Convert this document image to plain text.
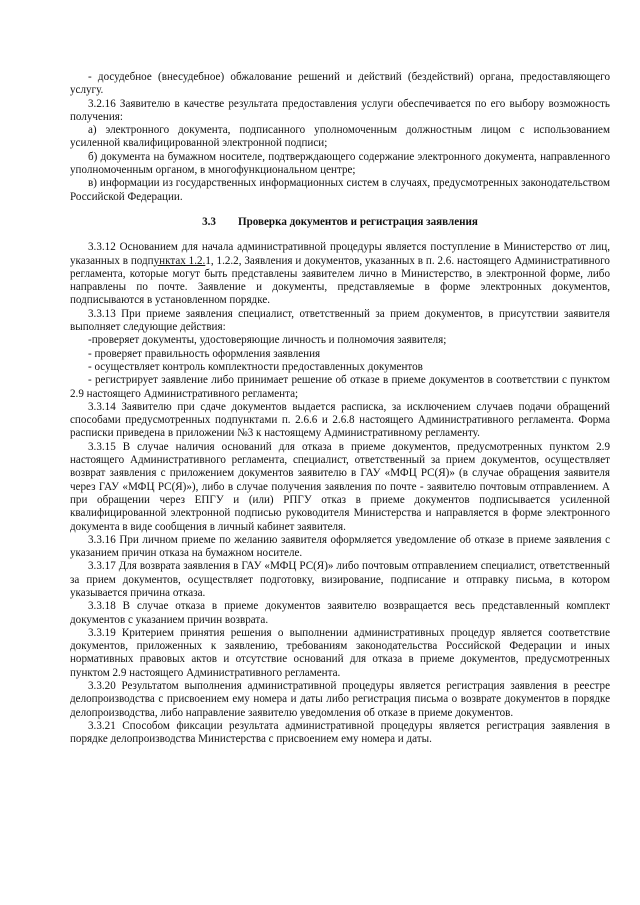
- досудебное (внесудебное) обжалование решений и действий (бездействий) органа, предоставляющего услугу.

3.2.16 Заявителю в качестве результата предоставления услуги обеспечивается по его выбору возможность получения:

а) электронного документа, подписанного уполномоченным должностным лицом с использованием усиленной квалифицированной электронной подписи;

б) документа на бумажном носителе, подтверждающего содержание электронного документа, направленного уполномоченным органом, в многофункциональном центре;

в) информации из государственных информационных систем в случаях, предусмотренных законодательством Российской Федерации.

3.3 Проверка документов и регистрация заявления

3.3.12 Основанием для начала административной процедуры является поступление в Министерство от лиц, указанных в подпунктах 1.2.1, 1.2.2, Заявления и документов, указанных в п. 2.6. настоящего Административного регламента, которые могут быть представлены заявителем лично в Министерство, в электронной форме, либо направлены по почте. Заявление и документы, представляемые в форме электронных документов, подписываются в установленном порядке.

3.3.13 При приеме заявления специалист, ответственный за прием документов, в присутствии заявителя выполняет следующие действия:

-проверяет документы, удостоверяющие личность и полномочия заявителя;

- проверяет правильность оформления заявления

- осуществляет контроль комплектности предоставленных документов

- регистрирует заявление либо принимает решение об отказе в приеме документов в соответствии с пунктом 2.9 настоящего Административного регламента;

3.3.14 Заявителю при сдаче документов выдается расписка, за исключением случаев подачи обращений способами предусмотренных подпунктами п. 2.6.6 и 2.6.8 настоящего Административного регламента. Форма расписки приведена в приложении №3 к настоящему Административному регламенту.

3.3.15 В случае наличия оснований для отказа в приеме документов, предусмотренных пунктом 2.9 настоящего Административного регламента, специалист, ответственный за прием документов, осуществляет возврат заявления с приложением документов заявителю в ГАУ «МФЦ РС(Я)» (в случае обращения заявителя через ГАУ «МФЦ РС(Я)»), либо в случае получения заявления по почте - заявителю почтовым отправлением. А при обращении через ЕПГУ и (или) РПГУ отказ в приеме документов подписывается усиленной квалифицированной электронной подписью руководителя Министерства и направляется в форме электронного документа в виде сообщения в личный кабинет заявителя.

3.3.16 При личном приеме по желанию заявителя оформляется уведомление об отказе в приеме заявления с указанием причин отказа на бумажном носителе.

3.3.17 Для возврата заявления в ГАУ «МФЦ РС(Я)» либо почтовым отправлением специалист, ответственный за прием документов, осуществляет подготовку, визирование, подписание и отправку письма, в котором указывается причина отказа.

3.3.18 В случае отказа в приеме документов заявителю возвращается весь представленный комплект документов с указанием причин возврата.

3.3.19 Критерием принятия решения о выполнении административных процедур является соответствие документов, приложенных к заявлению, требованиям законодательства Российской Федерации и иных нормативных правовых актов и отсутствие оснований для отказа в приеме документов, предусмотренных пунктом 2.9 настоящего Административного регламента.

3.3.20 Результатом выполнения административной процедуры является регистрация заявления в реестре делопроизводства с присвоением ему номера и даты либо регистрация письма о возврате документов в порядке делопроизводства, либо направление заявителю уведомления об отказе в приеме документов.

3.3.21 Способом фиксации результата административной процедуры является регистрация заявления в порядке делопроизводства Министерства с присвоением ему номера и даты.
